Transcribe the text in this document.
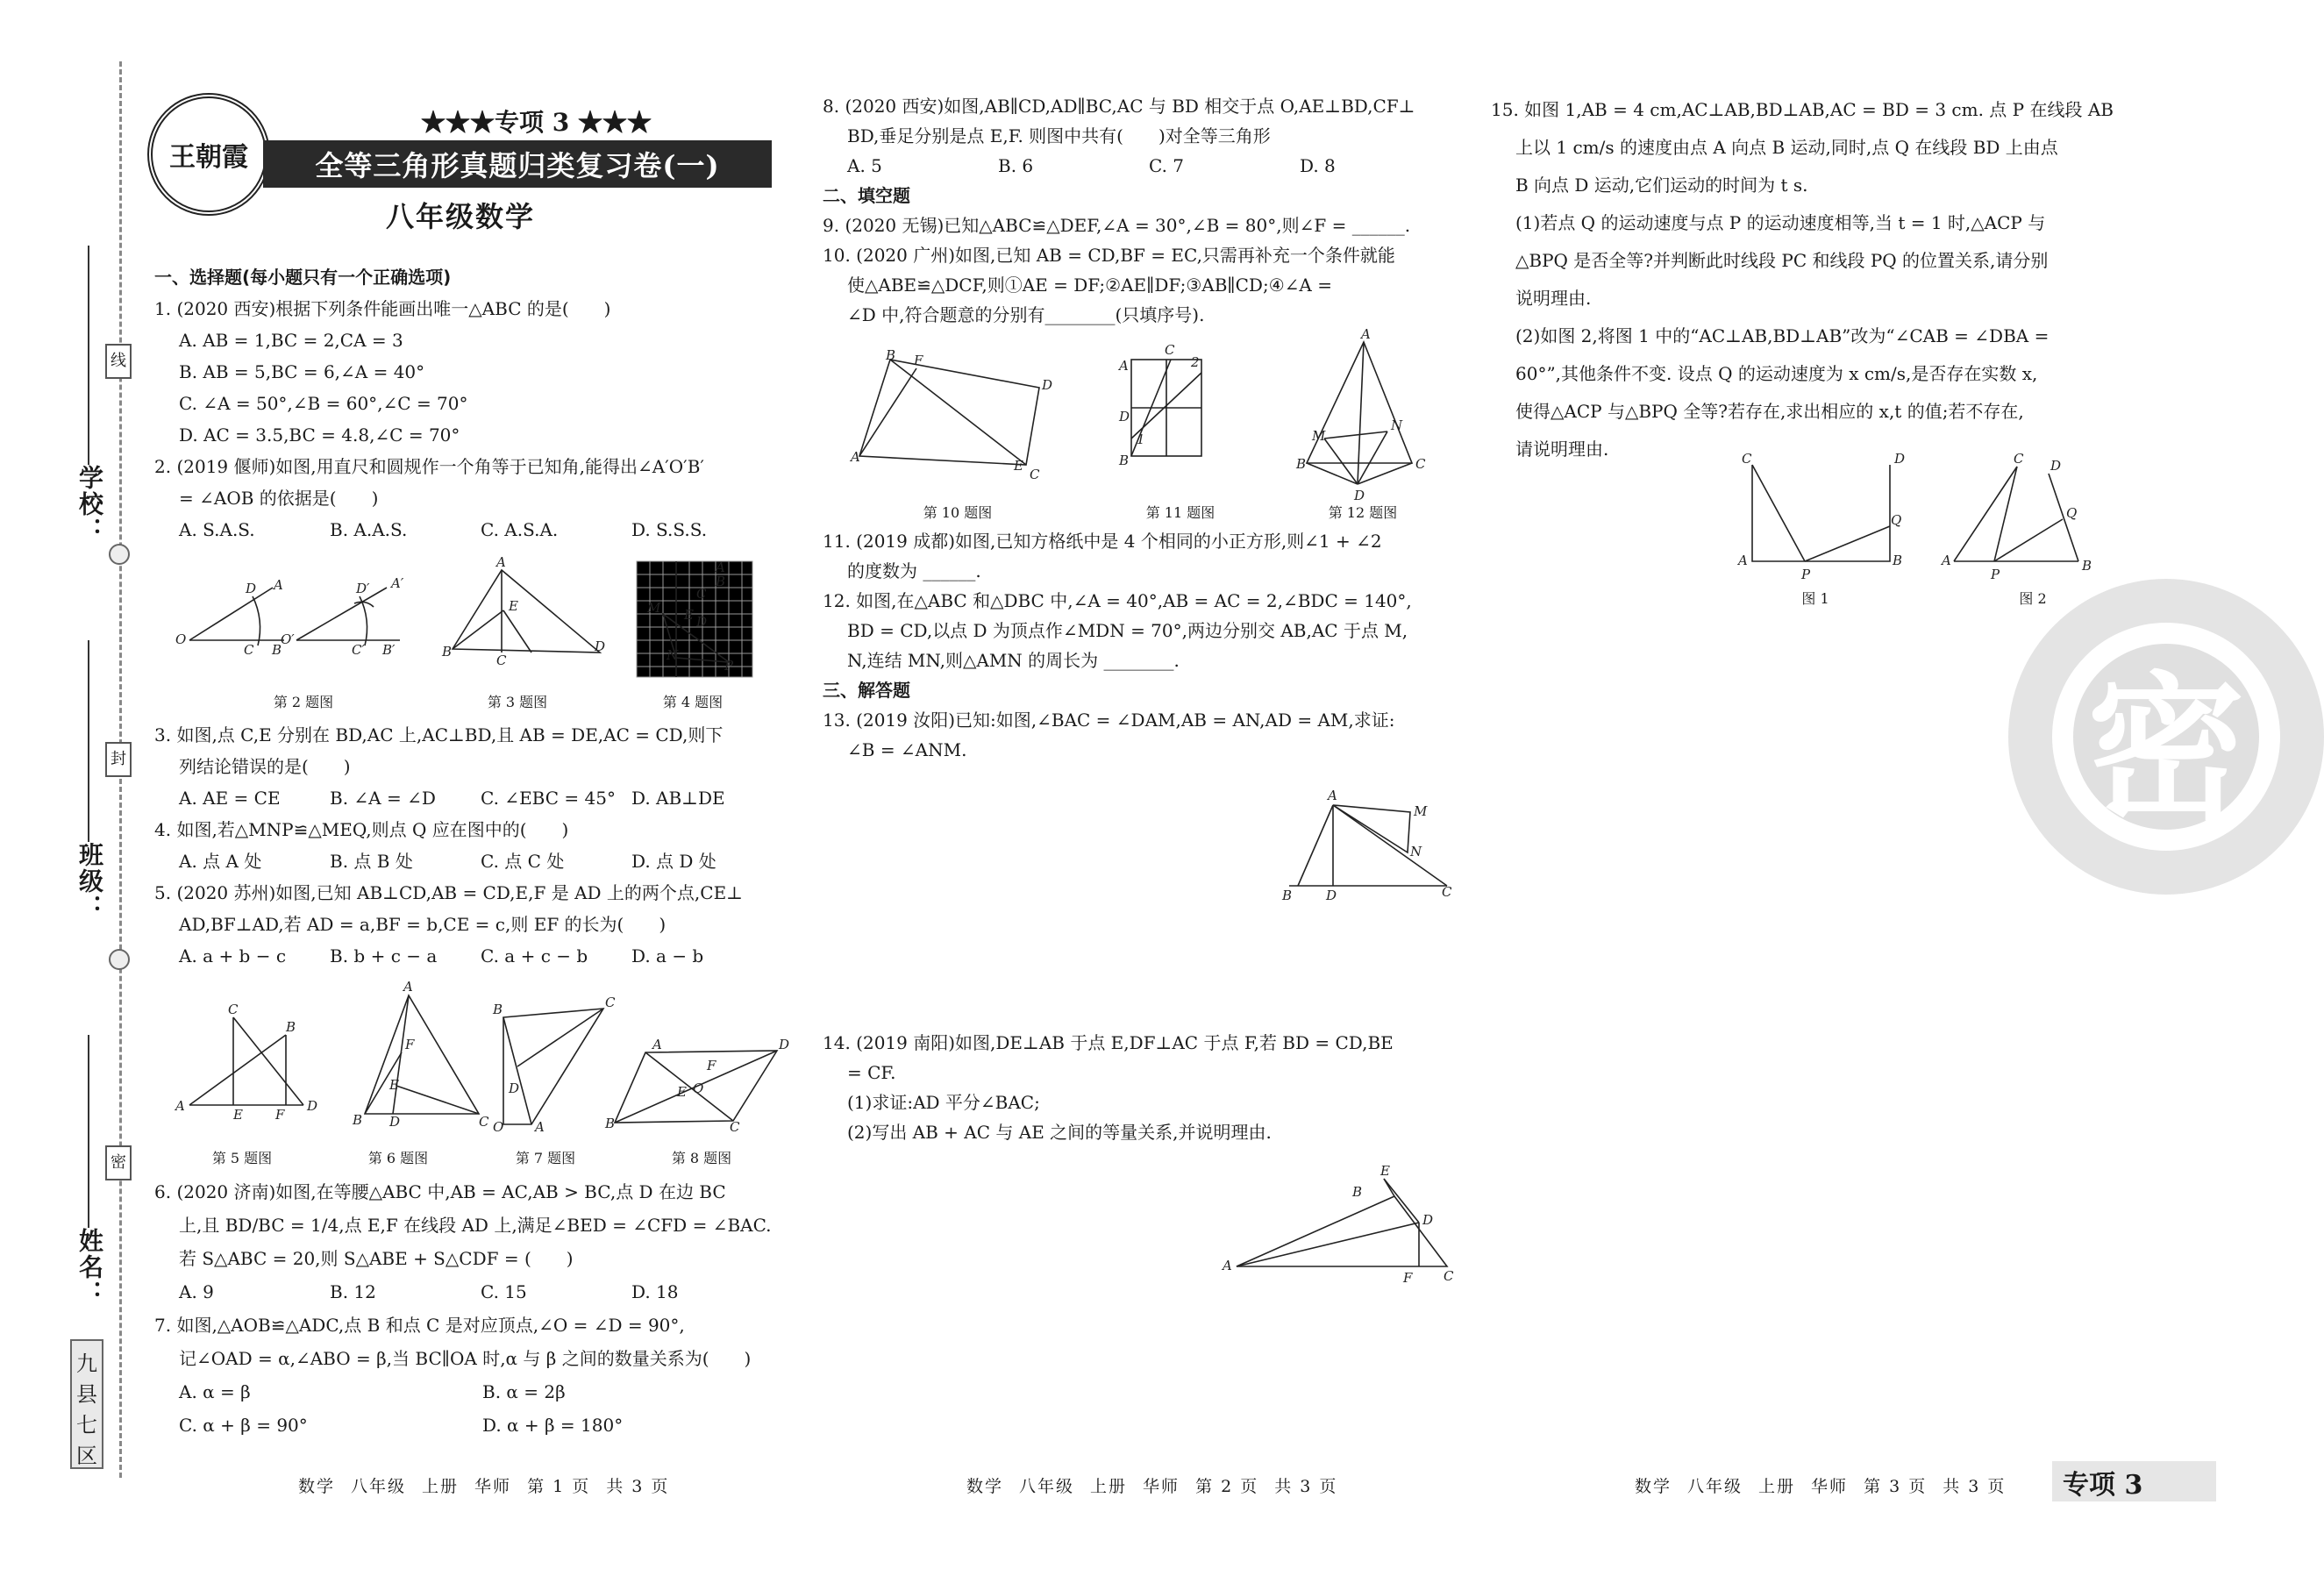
线
封
密
学校：
班级：
姓名：
九
县
七
区
王朝霞
★★★专项 3 ★★★
全等三角形真题归类复习卷(一)
八年级数学

一、选择题(每小题只有一个正确选项)

1. (2020 西安)根据下列条件能画出唯一△ABC 的是(　　)

A. AB = 1,BC = 2,CA = 3

B. AB = 5,BC = 6,∠A = 40°

C. ∠A = 50°,∠B = 60°,∠C = 70°

D. AC = 3.5,BC = 4.8,∠C = 70°

2. (2019 偃师)如图,用直尺和圆规作一个角等于已知角,能得出∠A′O′B′

= ∠AOB 的依据是(　　)

A. S.A.S.	B. A.A.S.	C. A.S.A.	D. S.S.S.
O
C B
D A
O′
C′ B′
D′ A′
A
B	D
E
C
M
N
P
A
B
C
D
E
第 2 题图	第 3 题图	第 4 题图

3. 如图,点 C,E 分别在 BD,AC 上,AC⊥BD,且 AB = DE,AC = CD,则下

列结论错误的是(　　)

A. AE = CE	B. ∠A = ∠D	C. ∠EBC = 45° D. AB⊥DE

4. 如图,若△MNP≌△MEQ,则点 Q 应在图中的(　　)

A. 点 A 处	B. 点 B 处	C. 点 C 处	D. 点 D 处

5. (2020 苏州)如图,已知 AB⊥CD,AB = CD,E,F 是 AD 上的两个点,CE⊥

AD,BF⊥AD,若 AD = a,BF = b,CE = c,则 EF 的长为(　　)

A. a + b − c	B. b + c − a	C. a + c − b	D. a − b
A
C
B
D
E F
A
B D	C
F
E
B	C
O A
D
A	D
B	C
F
E O
第 5 题图	第 6 题图	第 7 题图	第 8 题图

6. (2020 济南)如图,在等腰△ABC 中,AB = AC,AB > BC,点 D 在边 BC

上,且 BD/BC = 1/4,点 E,F 在线段 AD 上,满足∠BED = ∠CFD = ∠BAC.

若 S△ABC = 20,则 S△ABE + S△CDF = (　　)

A. 9	B. 12	C. 15	D. 18

7. 如图,△AOB≌△ADC,点 B 和点 C 是对应顶点,∠O = ∠D = 90°,

记∠OAD = α,∠ABO = β,当 BC∥OA 时,α 与 β 之间的数量关系为(　　)

A. α = β	B. α = 2β
C. α + β = 90°	D. α + β = 180°

8. (2020 西安)如图,AB∥CD,AD∥BC,AC 与 BD 相交于点 O,AE⊥BD,CF⊥

BD,垂足分别是点 E,F. 则图中共有(　　)对全等三角形

A. 5	B. 6	C. 7	D. 8

二、填空题

9. (2020 无锡)已知△ABC≌△DEF,∠A = 30°,∠B = 80°,则∠F = ______.

10. (2020 广州)如图,已知 AB = CD,BF = EC,只需再补充一个条件就能

使△ABE≌△DCF,则①AE = DF;②AE∥DF;③AB∥CD;④∠A =

∠D 中,符合题意的分别有________(只填序号).

B F
D
A
E
C
A
C
2
D
1
B
A
M
N
B	C
D
第 10 题图	第 11 题图	第 12 题图

11. (2019 成都)如图,已知方格纸中是 4 个相同的小正方形,则∠1 + ∠2

的度数为 ______.

12. 如图,在△ABC 和△DBC 中,∠A = 40°,AB = AC = 2,∠BDC = 140°,

BD = CD,以点 D 为顶点作∠MDN = 70°,两边分别交 AB,AC 于点 M,

N,连结 MN,则△AMN 的周长为 ________.

三、解答题

13. (2019 汝阳)已知:如图,∠BAC = ∠DAM,AB = AN,AD = AM,求证:

∠B = ∠ANM.

A
M
N
B	D	C

14. (2019 南阳)如图,DE⊥AB 于点 E,DF⊥AC 于点 F,若 BD = CD,BE

= CF.

(1)求证:AD 平分∠BAC;

(2)写出 AB + AC 与 AE 之间的等量关系,并说明理由.

A
B
E
D
F C

15. 如图 1,AB = 4 cm,AC⊥AB,BD⊥AB,AC = BD = 3 cm. 点 P 在线段 AB

上以 1 cm/s 的速度由点 A 向点 B 运动,同时,点 Q 在线段 BD 上由点

B 向点 D 运动,它们运动的时间为 t s.

(1)若点 Q 的运动速度与点 P 的运动速度相等,当 t = 1 时,△ACP 与

△BPQ 是否全等?并判断此时线段 PC 和线段 PQ 的位置关系,请分别

说明理由.

(2)如图 2,将图 1 中的“AC⊥AB,BD⊥AB”改为“∠CAB = ∠DBA =

60°”,其他条件不变. 设点 Q 的运动速度为 x cm/s,是否存在实数 x,

使得△ACP 与△BPQ 全等?若存在,求出相应的 x,t 的值;若不存在,

请说明理由.	C	D
A
P
B
Q
C D
A
P
B
Q
图 1	图 2
密
数学 八年级 上册 华师 第 1 页 共 3 页	数学 八年级 上册 华师 第 2 页 共 3 页	数学 八年级 上册 华师 第 3 页 共 3 页	专项 3
